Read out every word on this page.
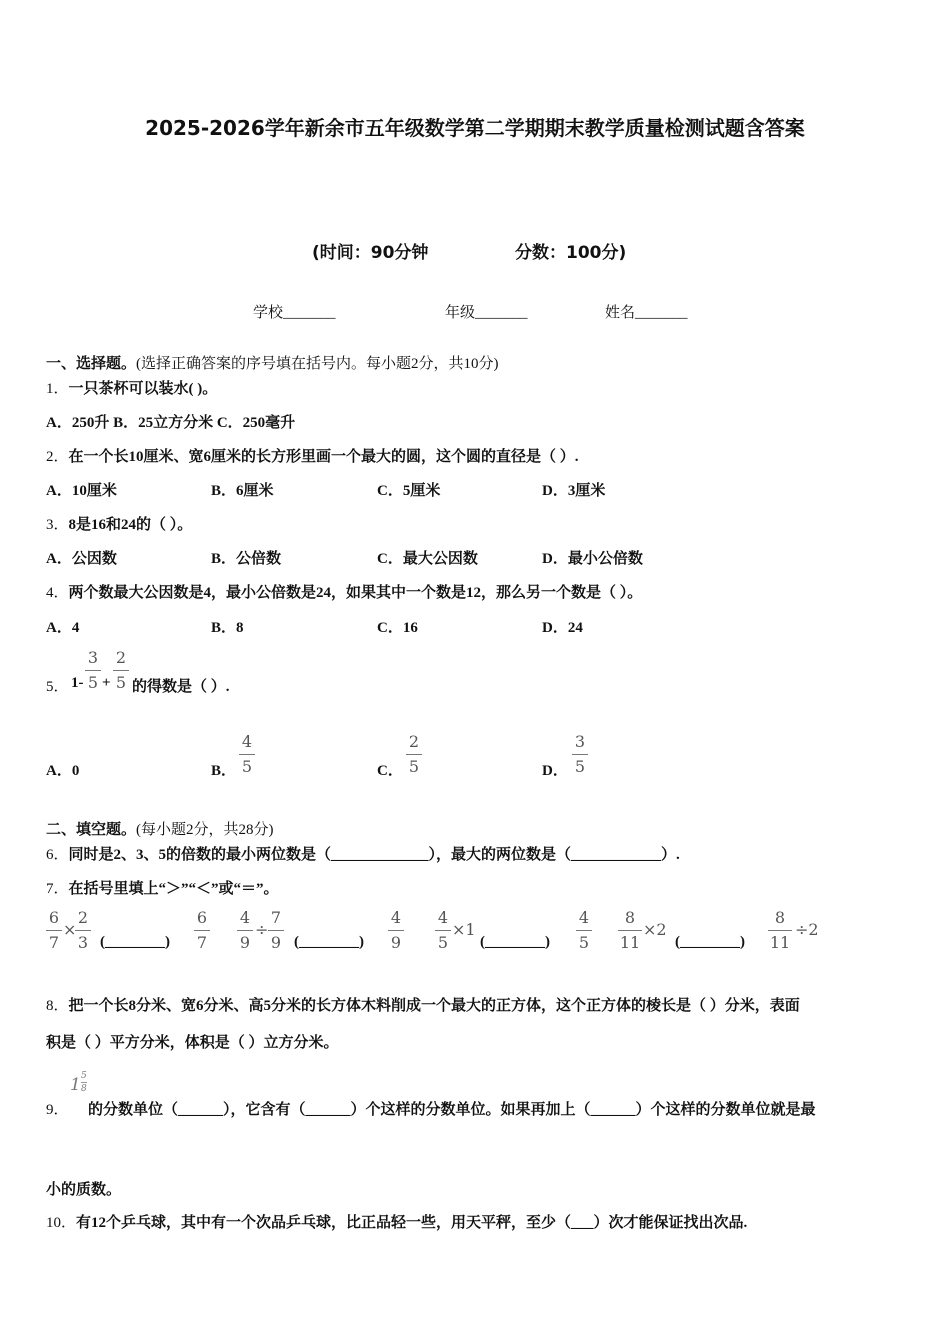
2025-2026学年新余市五年级数学第二学期期末教学质量检测试题含答案
(时间：90分钟	分数：100分)
学校_______	年级_______	姓名_______
一、选择题。(选择正确答案的序号填在括号内。每小题2分，共10分)
1．一只茶杯可以装水( )。
A．250升 B．25立方分米 C．250毫升
2．在一个长10厘米、宽6厘米的长方形里画一个最大的圆，这个圆的直径是（ ）.
A．10厘米	B．6厘米	C．5厘米	D．3厘米
3．8是16和24的（ ）。
A．公因数	B．公倍数	C．最大公因数	D．最小公倍数
4．两个数最大公因数是4，最小公倍数是24，如果其中一个数是12，那么另一个数是（ ）。
A．4	B．8	C．16	D．24
5． 1-
3
5 +
2
5 的得数是（ ）.
A．0	B．
4
5	C．
2
5	D．
3
5
二、填空题。(每小题2分，共28分)
6．同时是2、3、5的倍数的最小两位数是（_____________），最大的两位数是（____________）.
7．在括号里填上“＞”“＜”或“＝”。
6
7
×
2
3 (________)
6
7
4
9
÷
7
9 (________)
4
9
4
5
×1
(________)
4
5
8
11
×2
(________)
8
11
÷2
8．把一个长8分米、宽6分米、高5分米的长方体木料削成一个最大的正方体，这个正方体的棱长是（ ）分米，表面
积是（ ）平方分米，体积是（ ）立方分米。
9．
1 5
8
的分数单位（______），它含有（______）个这样的分数单位。如果再加上（______）个这样的分数单位就是最
小的质数。
10．有12个乒乓球，其中有一个次品乒乓球，比正品轻一些，用天平秤，至少（___）次才能保证找出次品.
